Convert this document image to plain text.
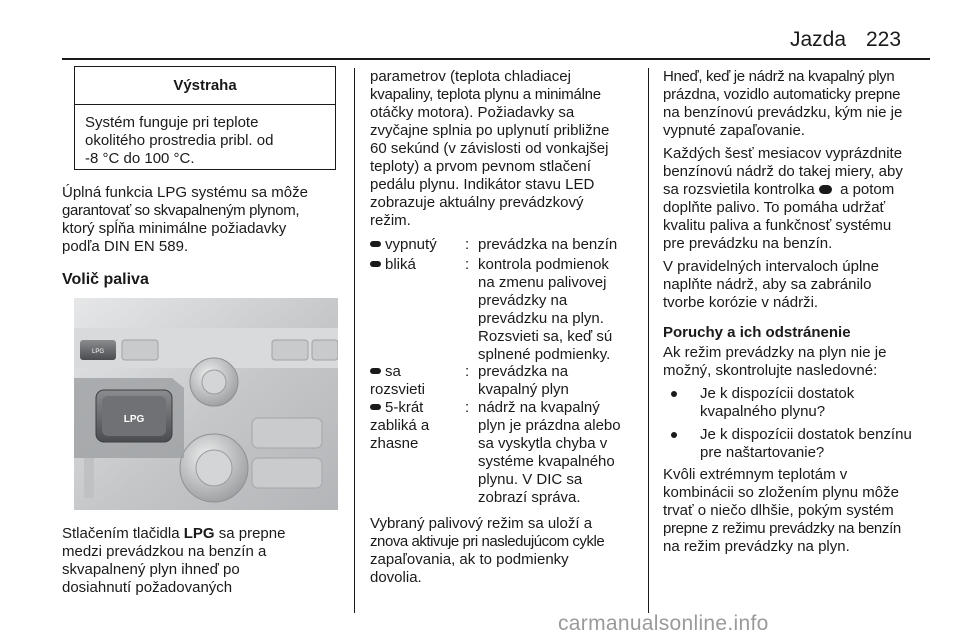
Jazda 223
Výstraha
Systém funguje pri teplote
okolitého prostredia pribl. od
-8 °C do 100 °C.
Úplná funkcia LPG systému sa môže
garantovať so skvapalneným plynom,
ktorý spĺňa minimálne požiadavky
podľa DIN EN 589.
Volič paliva
LPG
LPG
Stlačením tlačidla LPG sa prepne
medzi prevádzkou na benzín a
skvapalnený plyn ihneď po
dosiahnutí požadovaných
parametrov (teplota chladiacej
kvapaliny, teplota plynu a minimálne
otáčky motora). Požiadavky sa
zvyčajne splnia po uplynutí približne
60 sekúnd (v závislosti od vonkajšej
teploty) a prvom pevnom stlačení
pedálu plynu. Indikátor stavu LED
zobrazuje aktuálny prevádzkový
režim.
vypnutý	: prevádzka na benzín
bliká	: kontrola podmienok
na zmenu palivovej
prevádzky na
prevádzku na plyn.
Rozsvieti sa, keď sú
splnené podmienky.
sa
rozsvieti
: prevádzka na
kvapalný plyn
5-krát
zabliká a
zhasne
: nádrž na kvapalný
plyn je prázdna alebo
sa vyskytla chyba v
systéme kvapalného
plynu. V DIC sa
zobrazí správa.
Vybraný palivový režim sa uloží a
znova aktivuje pri nasledujúcom cykle
zapaľovania, ak to podmienky
dovolia.
Hneď, keď je nádrž na kvapalný plyn
prázdna, vozidlo automaticky prepne
na benzínovú prevádzku, kým nie je
vypnuté zapaľovanie.
Každých šesť mesiacov vyprázdnite
benzínovú nádrž do takej miery, aby
sa rozsvietila kontrolka  a potom
doplňte palivo. To pomáha udržať
kvalitu paliva a funkčnosť systému
pre prevádzku na benzín.
V pravidelných intervaloch úplne
naplňte nádrž, aby sa zabránilo
tvorbe korózie v nádrži.
Poruchy a ich odstránenie
Ak režim prevádzky na plyn nie je
možný, skontrolujte nasledovné:
Je k dispozícii dostatok
kvapalného plynu?
Je k dispozícii dostatok benzínu
pre naštartovanie?
Kvôli extrémnym teplotám v
kombinácii so zložením plynu môže
trvať o niečo dlhšie, pokým systém
prepne z režimu prevádzky na benzín
na režim prevádzky na plyn.
carmanualsonline.info
